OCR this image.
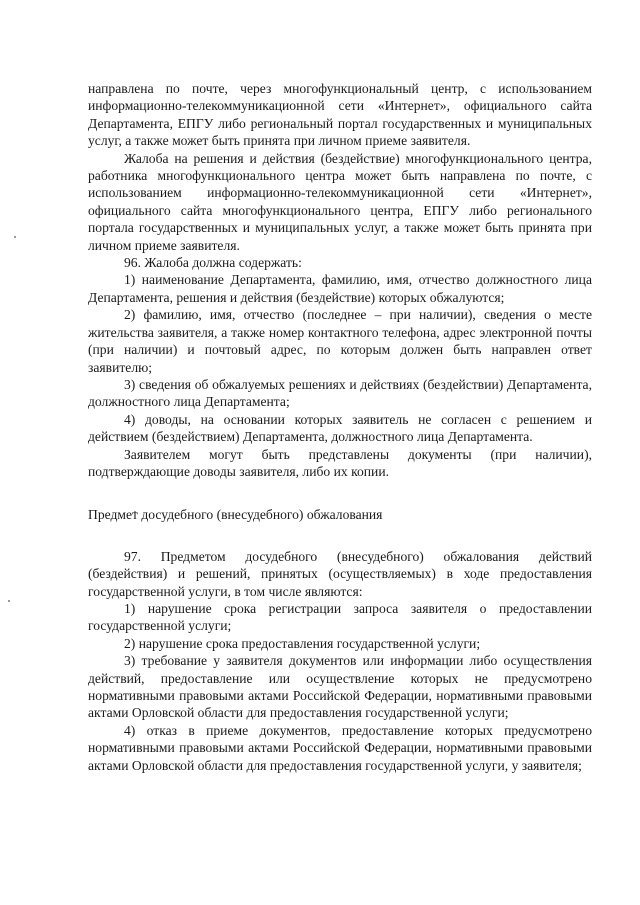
направлена по почте, через многофункциональный центр, с использованием информационно-телекоммуникационной сети «Интернет», официального сайта Департамента, ЕПГУ либо региональный портал государственных и муниципальных услуг, а также может быть принята при личном приеме заявителя.

Жалоба на решения и действия (бездействие) многофункционального центра, работника многофункционального центра может быть направлена по почте, с использованием информационно-телекоммуникационной сети «Интернет», официального сайта многофункционального центра, ЕПГУ либо регионального портала государственных и муниципальных услуг, а также может быть принята при личном приеме заявителя.

96. Жалоба должна содержать:

1) наименование Департамента, фамилию, имя, отчество должностного лица Департамента, решения и действия (бездействие) которых обжалуются;

2) фамилию, имя, отчество (последнее – при наличии), сведения о месте жительства заявителя, а также номер контактного телефона, адрес электронной почты (при наличии) и почтовый адрес, по которым должен быть направлен ответ заявителю;

3) сведения об обжалуемых решениях и действиях (бездействии) Департамента, должностного лица Департамента;

4) доводы, на основании которых заявитель не согласен с решением и действием (бездействием) Департамента, должностного лица Департамента.

Заявителем могут быть представлены документы (при наличии), подтверждающие доводы заявителя, либо их копии.

Предмет досудебного (внесудебного) обжалования

97. Предметом досудебного (внесудебного) обжалования действий (бездействия) и решений, принятых (осуществляемых) в ходе предоставления государственной услуги, в том числе являются:

1) нарушение срока регистрации запроса заявителя о предоставлении государственной услуги;

2) нарушение срока предоставления государственной услуги;

3) требование у заявителя документов или информации либо осуществления действий, предоставление или осуществление которых не предусмотрено нормативными правовыми актами Российской Федерации, нормативными правовыми актами Орловской области для предоставления государственной услуги;

4) отказ в приеме документов, предоставление которых предусмотрено нормативными правовыми актами Российской Федерации, нормативными правовыми актами Орловской области для предоставления государственной услуги, у заявителя;
